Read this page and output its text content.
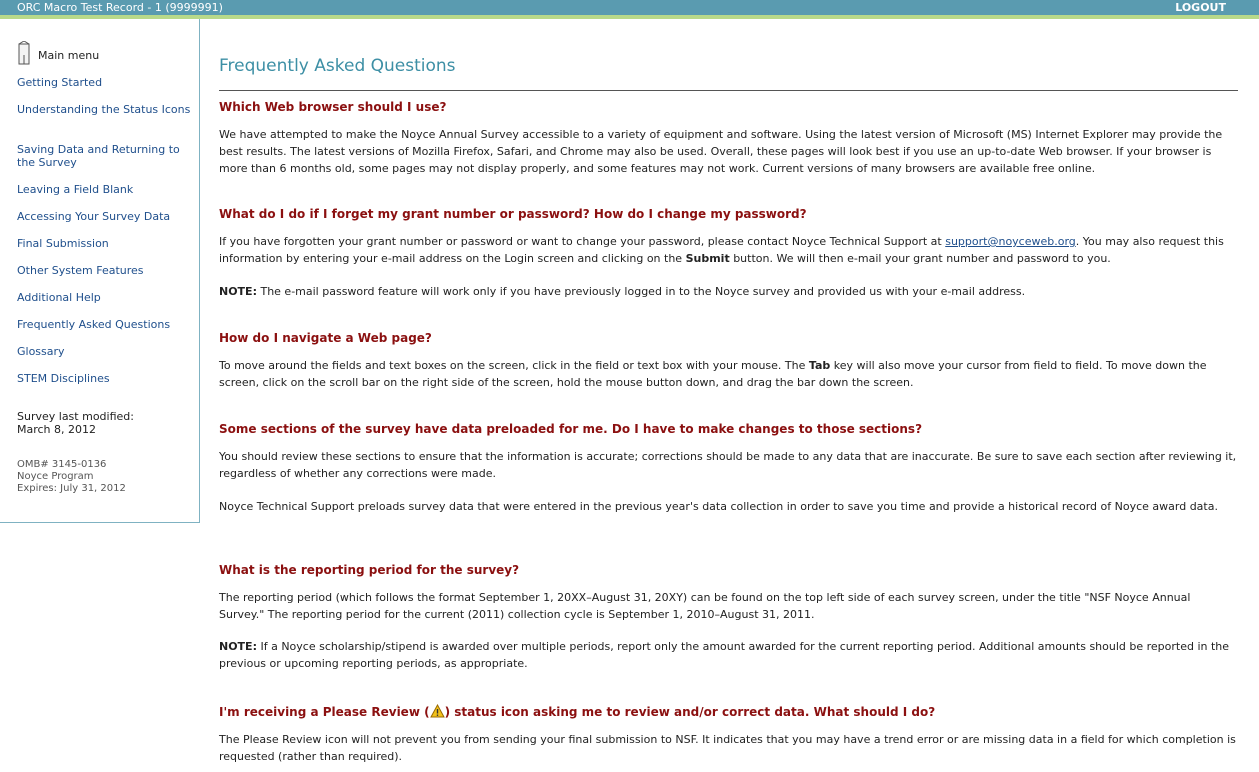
ORC Macro Test Record - 1 (9999991)	LOGOUT
Main menu
Getting Started
Understanding the Status Icons
Saving Data and Returning to the Survey
Leaving a Field Blank
Accessing Your Survey Data
Final Submission
Other System Features
Additional Help
Frequently Asked Questions
Glossary
STEM Disciplines
Survey last modified:
March 8, 2012
OMB# 3145-0136
Noyce Program
Expires: July 31, 2012
Frequently Asked Questions
Which Web browser should I use?
We have attempted to make the Noyce Annual Survey accessible to a variety of equipment and software. Using the latest version of Microsoft (MS) Internet Explorer may provide the best results. The latest versions of Mozilla Firefox, Safari, and Chrome may also be used. Overall, these pages will look best if you use an up-to-date Web browser. If your browser is more than 6 months old, some pages may not display properly, and some features may not work. Current versions of many browsers are available free online.
What do I do if I forget my grant number or password? How do I change my password?
If you have forgotten your grant number or password or want to change your password, please contact Noyce Technical Support at support@noyceweb.org. You may also request this information by entering your e-mail address on the Login screen and clicking on the Submit button. We will then e-mail your grant number and password to you.
NOTE: The e-mail password feature will work only if you have previously logged in to the Noyce survey and provided us with your e-mail address.
How do I navigate a Web page?
To move around the fields and text boxes on the screen, click in the field or text box with your mouse. The Tab key will also move your cursor from field to field. To move down the screen, click on the scroll bar on the right side of the screen, hold the mouse button down, and drag the bar down the screen.
Some sections of the survey have data preloaded for me. Do I have to make changes to those sections?
You should review these sections to ensure that the information is accurate; corrections should be made to any data that are inaccurate. Be sure to save each section after reviewing it, regardless of whether any corrections were made.
Noyce Technical Support preloads survey data that were entered in the previous year's data collection in order to save you time and provide a historical record of Noyce award data.
What is the reporting period for the survey?
The reporting period (which follows the format September 1, 20XX–August 31, 20XY) can be found on the top left side of each survey screen, under the title "NSF Noyce Annual Survey." The reporting period for the current (2011) collection cycle is September 1, 2010–August 31, 2011.
NOTE: If a Noyce scholarship/stipend is awarded over multiple periods, report only the amount awarded for the current reporting period. Additional amounts should be reported in the previous or upcoming reporting periods, as appropriate.
I'm receiving a Please Review ( ) status icon asking me to review and/or correct data. What should I do?
The Please Review icon will not prevent you from sending your final submission to NSF. It indicates that you may have a trend error or are missing data in a field for which completion is requested (rather than required).
